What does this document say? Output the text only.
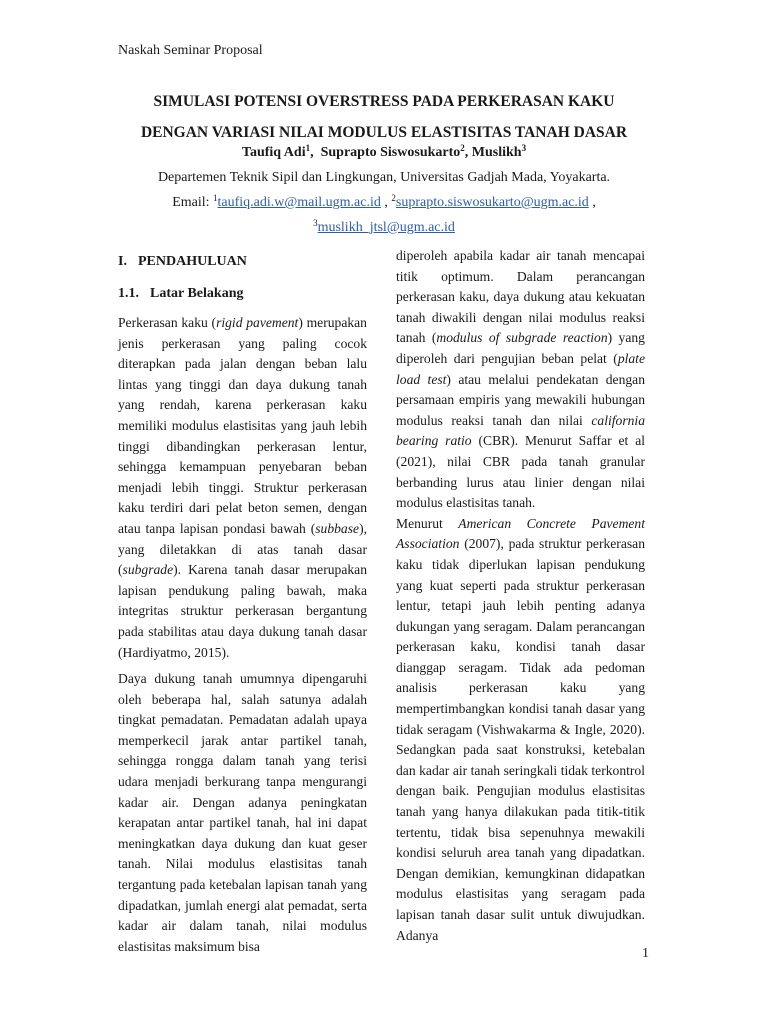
Naskah Seminar Proposal
SIMULASI POTENSI OVERSTRESS PADA PERKERASAN KAKU
DENGAN VARIASI NILAI MODULUS ELASTISITAS TANAH DASAR
Taufiq Adi$^1$,  Suprapto Siswosukarto$^2$, Muslikh$^3$
Departemen Teknik Sipil dan Lingkungan, Universitas Gadjah Mada, Yoyakarta.
Email: $^1$taufiq.adi.w@mail.ugm.ac.id , $^2$suprapto.siswosukarto@ugm.ac.id ,
$^3$muslikh_jtsl@ugm.ac.id
I. PENDAHULUAN
1.1. Latar Belakang

Perkerasan kaku (rigid pavement) merupakan jenis perkerasan yang paling cocok diterapkan pada jalan dengan beban lalu lintas yang tinggi dan daya dukung tanah yang rendah, karena perkerasan kaku memiliki modulus elastisitas yang jauh lebih tinggi dibandingkan perkerasan lentur, sehingga kemampuan penyebaran beban menjadi lebih tinggi. Struktur perkerasan kaku terdiri dari pelat beton semen, dengan atau tanpa lapisan pondasi bawah (subbase), yang diletakkan di atas tanah dasar (subgrade). Karena tanah dasar merupakan lapisan pendukung paling bawah, maka integritas struktur perkerasan bergantung pada stabilitas atau daya dukung tanah dasar (Hardiyatmo, 2015).

Daya dukung tanah umumnya dipengaruhi oleh beberapa hal, salah satunya adalah tingkat pemadatan. Pemadatan adalah upaya memperkecil jarak antar partikel tanah, sehingga rongga dalam tanah yang terisi udara menjadi berkurang tanpa mengurangi kadar air. Dengan adanya peningkatan kerapatan antar partikel tanah, hal ini dapat meningkatkan daya dukung dan kuat geser tanah. Nilai modulus elastisitas tanah tergantung pada ketebalan lapisan tanah yang dipadatkan, jumlah energi alat pemadat, serta kadar air dalam tanah, nilai modulus elastisitas maksimum bisa

diperoleh apabila kadar air tanah mencapai titik optimum. Dalam perancangan perkerasan kaku, daya dukung atau kekuatan tanah diwakili dengan nilai modulus reaksi tanah (modulus of subgrade reaction) yang diperoleh dari pengujian beban pelat (plate load test) atau melalui pendekatan dengan persamaan empiris yang mewakili hubungan modulus reaksi tanah dan nilai california bearing ratio (CBR). Menurut Saffar et al (2021), nilai CBR pada tanah granular berbanding lurus atau linier dengan nilai modulus elastisitas tanah.

Menurut American Concrete Pavement Association (2007), pada struktur perkerasan kaku tidak diperlukan lapisan pendukung yang kuat seperti pada struktur perkerasan lentur, tetapi jauh lebih penting adanya dukungan yang seragam. Dalam perancangan perkerasan kaku, kondisi tanah dasar dianggap seragam. Tidak ada pedoman analisis perkerasan kaku yang mempertimbangkan kondisi tanah dasar yang tidak seragam (Vishwakarma & Ingle, 2020). Sedangkan pada saat konstruksi, ketebalan dan kadar air tanah seringkali tidak terkontrol dengan baik. Pengujian modulus elastisitas tanah yang hanya dilakukan pada titik-titik tertentu, tidak bisa sepenuhnya mewakili kondisi seluruh area tanah yang dipadatkan. Dengan demikian, kemungkinan didapatkan modulus elastisitas yang seragam pada lapisan tanah dasar sulit untuk diwujudkan. Adanya

1
